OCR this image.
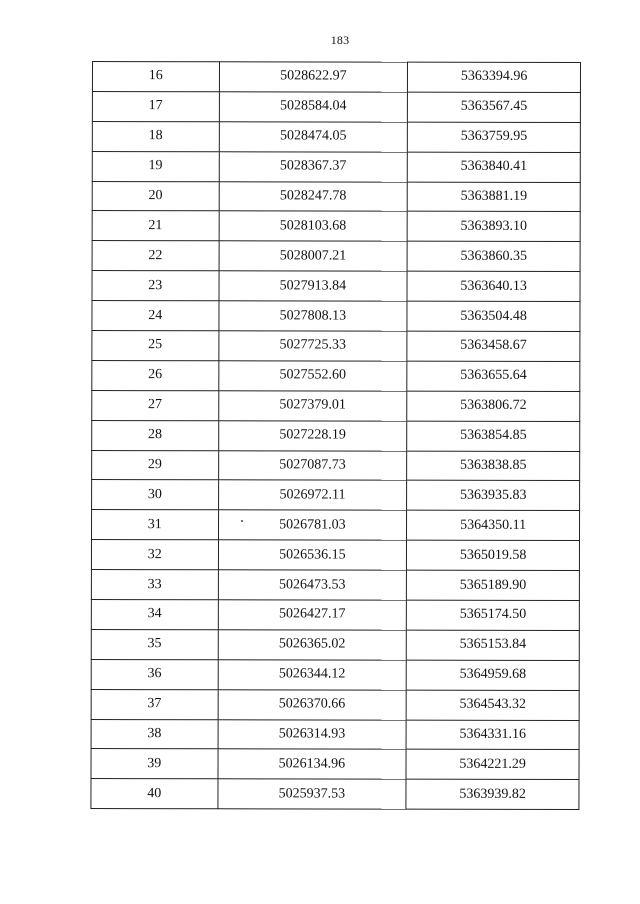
183
16	5028622.97	5363394.96
17	5028584.04	5363567.45
18	5028474.05	5363759.95
19	5028367.37	5363840.41
20	5028247.78	5363881.19
21	5028103.68	5363893.10
22	5028007.21	5363860.35
23	5027913.84	5363640.13
24	5027808.13	5363504.48
25	5027725.33	5363458.67
26	5027552.60	5363655.64
27	5027379.01	5363806.72
28	5027228.19	5363854.85
29	5027087.73	5363838.85
30	5026972.11	5363935.83
31	5026781.03	5364350.11
32	5026536.15	5365019.58
33	5026473.53	5365189.90
34	5026427.17	5365174.50
35	5026365.02	5365153.84
36	5026344.12	5364959.68
37	5026370.66	5364543.32
38	5026314.93	5364331.16
39	5026134.96	5364221.29
40	5025937.53	5363939.82
